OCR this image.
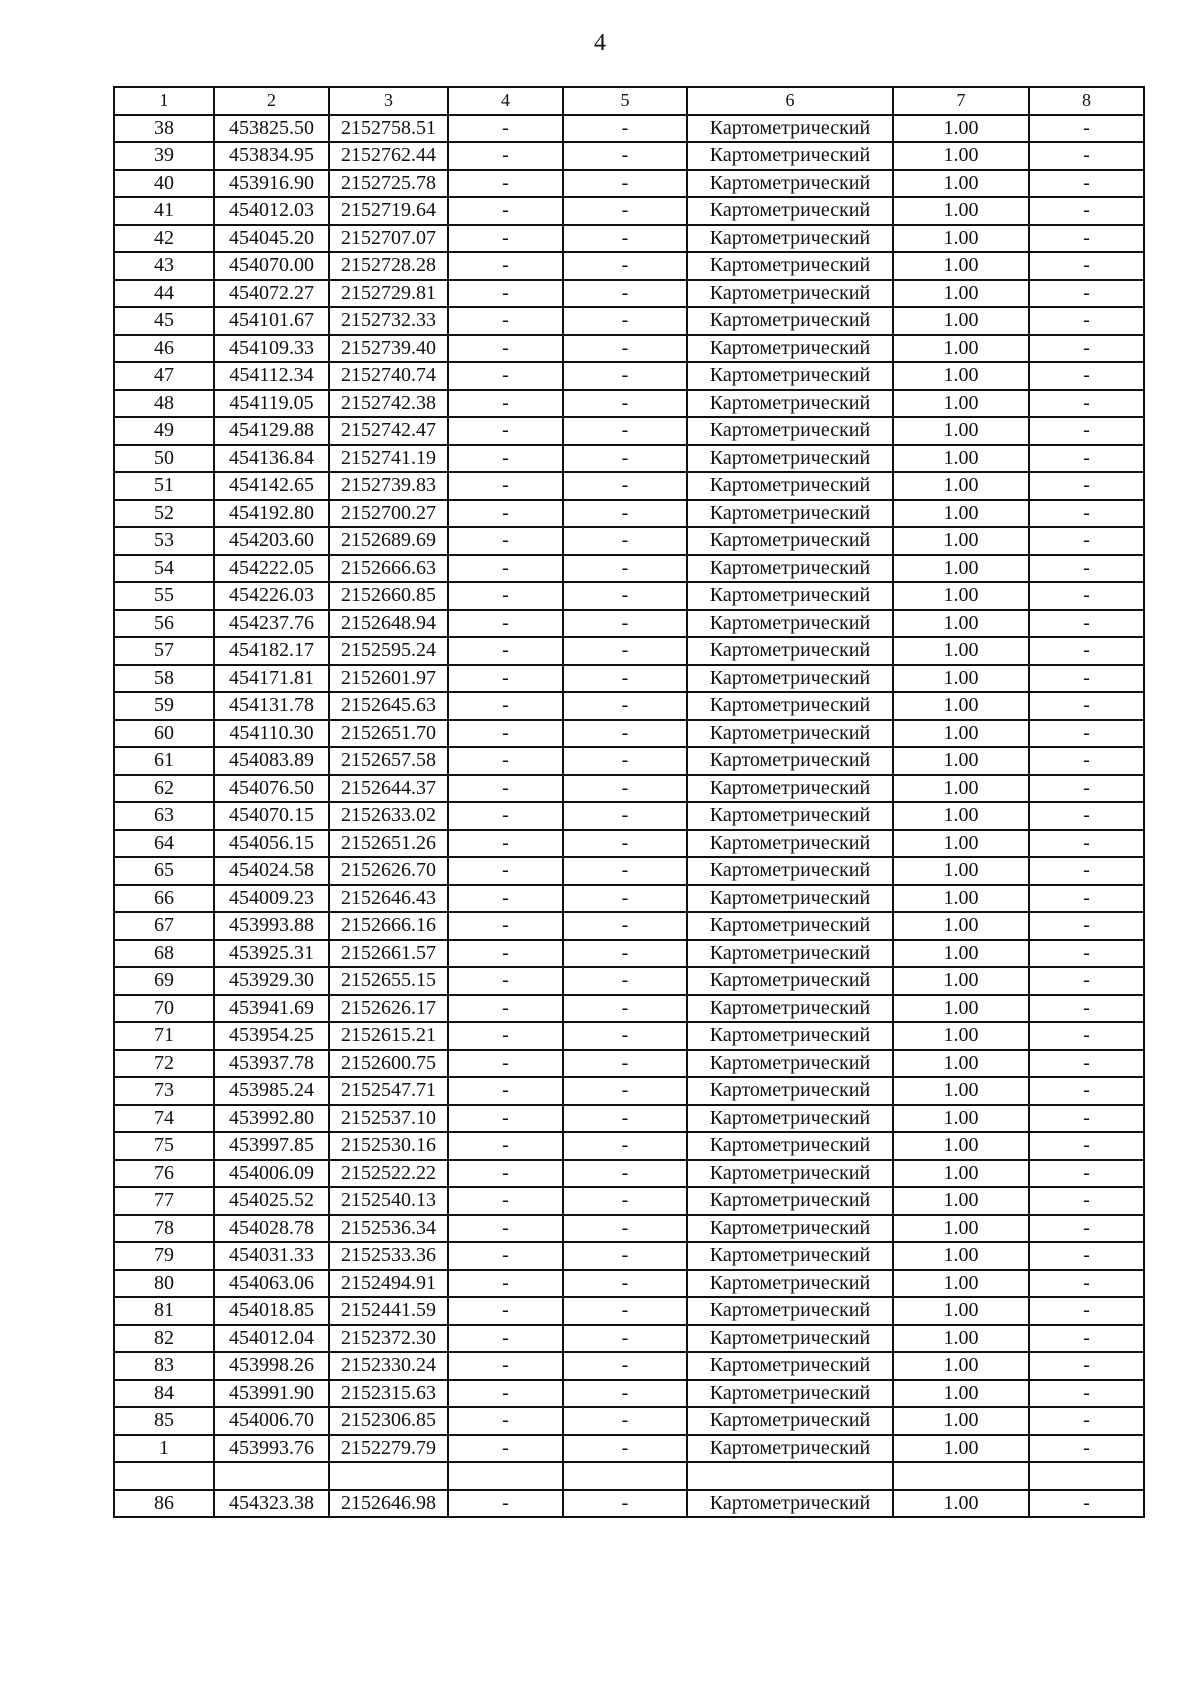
4
1	2	3	4	5	6	7	8
38	453825.50	2152758.51	-	-	Картометрический	1.00	-
39	453834.95	2152762.44	-	-	Картометрический	1.00	-
40	453916.90	2152725.78	-	-	Картометрический	1.00	-
41	454012.03	2152719.64	-	-	Картометрический	1.00	-
42	454045.20	2152707.07	-	-	Картометрический	1.00	-
43	454070.00	2152728.28	-	-	Картометрический	1.00	-
44	454072.27	2152729.81	-	-	Картометрический	1.00	-
45	454101.67	2152732.33	-	-	Картометрический	1.00	-
46	454109.33	2152739.40	-	-	Картометрический	1.00	-
47	454112.34	2152740.74	-	-	Картометрический	1.00	-
48	454119.05	2152742.38	-	-	Картометрический	1.00	-
49	454129.88	2152742.47	-	-	Картометрический	1.00	-
50	454136.84	2152741.19	-	-	Картометрический	1.00	-
51	454142.65	2152739.83	-	-	Картометрический	1.00	-
52	454192.80	2152700.27	-	-	Картометрический	1.00	-
53	454203.60	2152689.69	-	-	Картометрический	1.00	-
54	454222.05	2152666.63	-	-	Картометрический	1.00	-
55	454226.03	2152660.85	-	-	Картометрический	1.00	-
56	454237.76	2152648.94	-	-	Картометрический	1.00	-
57	454182.17	2152595.24	-	-	Картометрический	1.00	-
58	454171.81	2152601.97	-	-	Картометрический	1.00	-
59	454131.78	2152645.63	-	-	Картометрический	1.00	-
60	454110.30	2152651.70	-	-	Картометрический	1.00	-
61	454083.89	2152657.58	-	-	Картометрический	1.00	-
62	454076.50	2152644.37	-	-	Картометрический	1.00	-
63	454070.15	2152633.02	-	-	Картометрический	1.00	-
64	454056.15	2152651.26	-	-	Картометрический	1.00	-
65	454024.58	2152626.70	-	-	Картометрический	1.00	-
66	454009.23	2152646.43	-	-	Картометрический	1.00	-
67	453993.88	2152666.16	-	-	Картометрический	1.00	-
68	453925.31	2152661.57	-	-	Картометрический	1.00	-
69	453929.30	2152655.15	-	-	Картометрический	1.00	-
70	453941.69	2152626.17	-	-	Картометрический	1.00	-
71	453954.25	2152615.21	-	-	Картометрический	1.00	-
72	453937.78	2152600.75	-	-	Картометрический	1.00	-
73	453985.24	2152547.71	-	-	Картометрический	1.00	-
74	453992.80	2152537.10	-	-	Картометрический	1.00	-
75	453997.85	2152530.16	-	-	Картометрический	1.00	-
76	454006.09	2152522.22	-	-	Картометрический	1.00	-
77	454025.52	2152540.13	-	-	Картометрический	1.00	-
78	454028.78	2152536.34	-	-	Картометрический	1.00	-
79	454031.33	2152533.36	-	-	Картометрический	1.00	-
80	454063.06	2152494.91	-	-	Картометрический	1.00	-
81	454018.85	2152441.59	-	-	Картометрический	1.00	-
82	454012.04	2152372.30	-	-	Картометрический	1.00	-
83	453998.26	2152330.24	-	-	Картометрический	1.00	-
84	453991.90	2152315.63	-	-	Картометрический	1.00	-
85	454006.70	2152306.85	-	-	Картометрический	1.00	-
1	453993.76	2152279.79	-	-	Картометрический	1.00	-

86	454323.38	2152646.98	-	-	Картометрический	1.00	-
